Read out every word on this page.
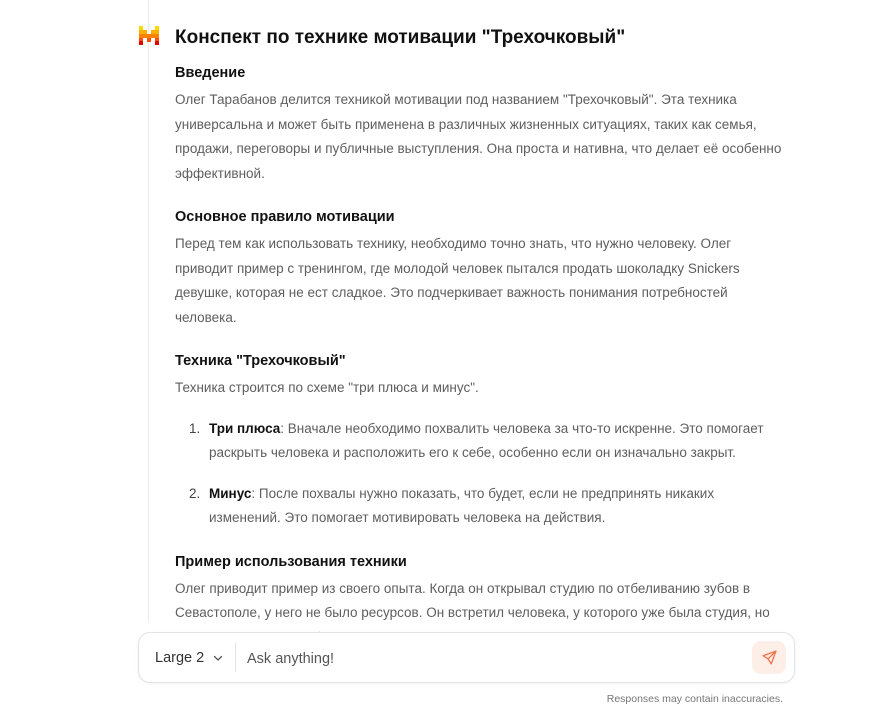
Конспект по технике мотивации "Трехочковый"
Введение

Олег Тарабанов делится техникой мотивации под названием "Трехочковый". Эта техника универсальна и может быть применена в различных жизненных ситуациях, таких как семья, продажи, переговоры и публичные выступления. Она проста и нативна, что делает её особенно эффективной.

Основное правило мотивации

Перед тем как использовать технику, необходимо точно знать, что нужно человеку. Олег приводит пример с тренингом, где молодой человек пытался продать шоколадку Snickers девушке, которая не ест сладкое. Это подчеркивает важность понимания потребностей человека.

Техника "Трехочковый"

Техника строится по схеме "три плюса и минус".

1. Три плюса: Вначале необходимо похвалить человека за что-то искренне. Это помогает раскрыть человека и расположить его к себе, особенно если он изначально закрыт.
2. Минус: После похвалы нужно показать, что будет, если не предпринять никаких изменений. Это помогает мотивировать человека на действия.
Пример использования техники

Олег приводит пример из своего опыта. Когда он открывал студию по отбеливанию зубов в Севастополе, у него не было ресурсов. Он встретил человека, у которого уже была студия, но

Large 2
Ask anything!
Responses may contain inaccuracies.
